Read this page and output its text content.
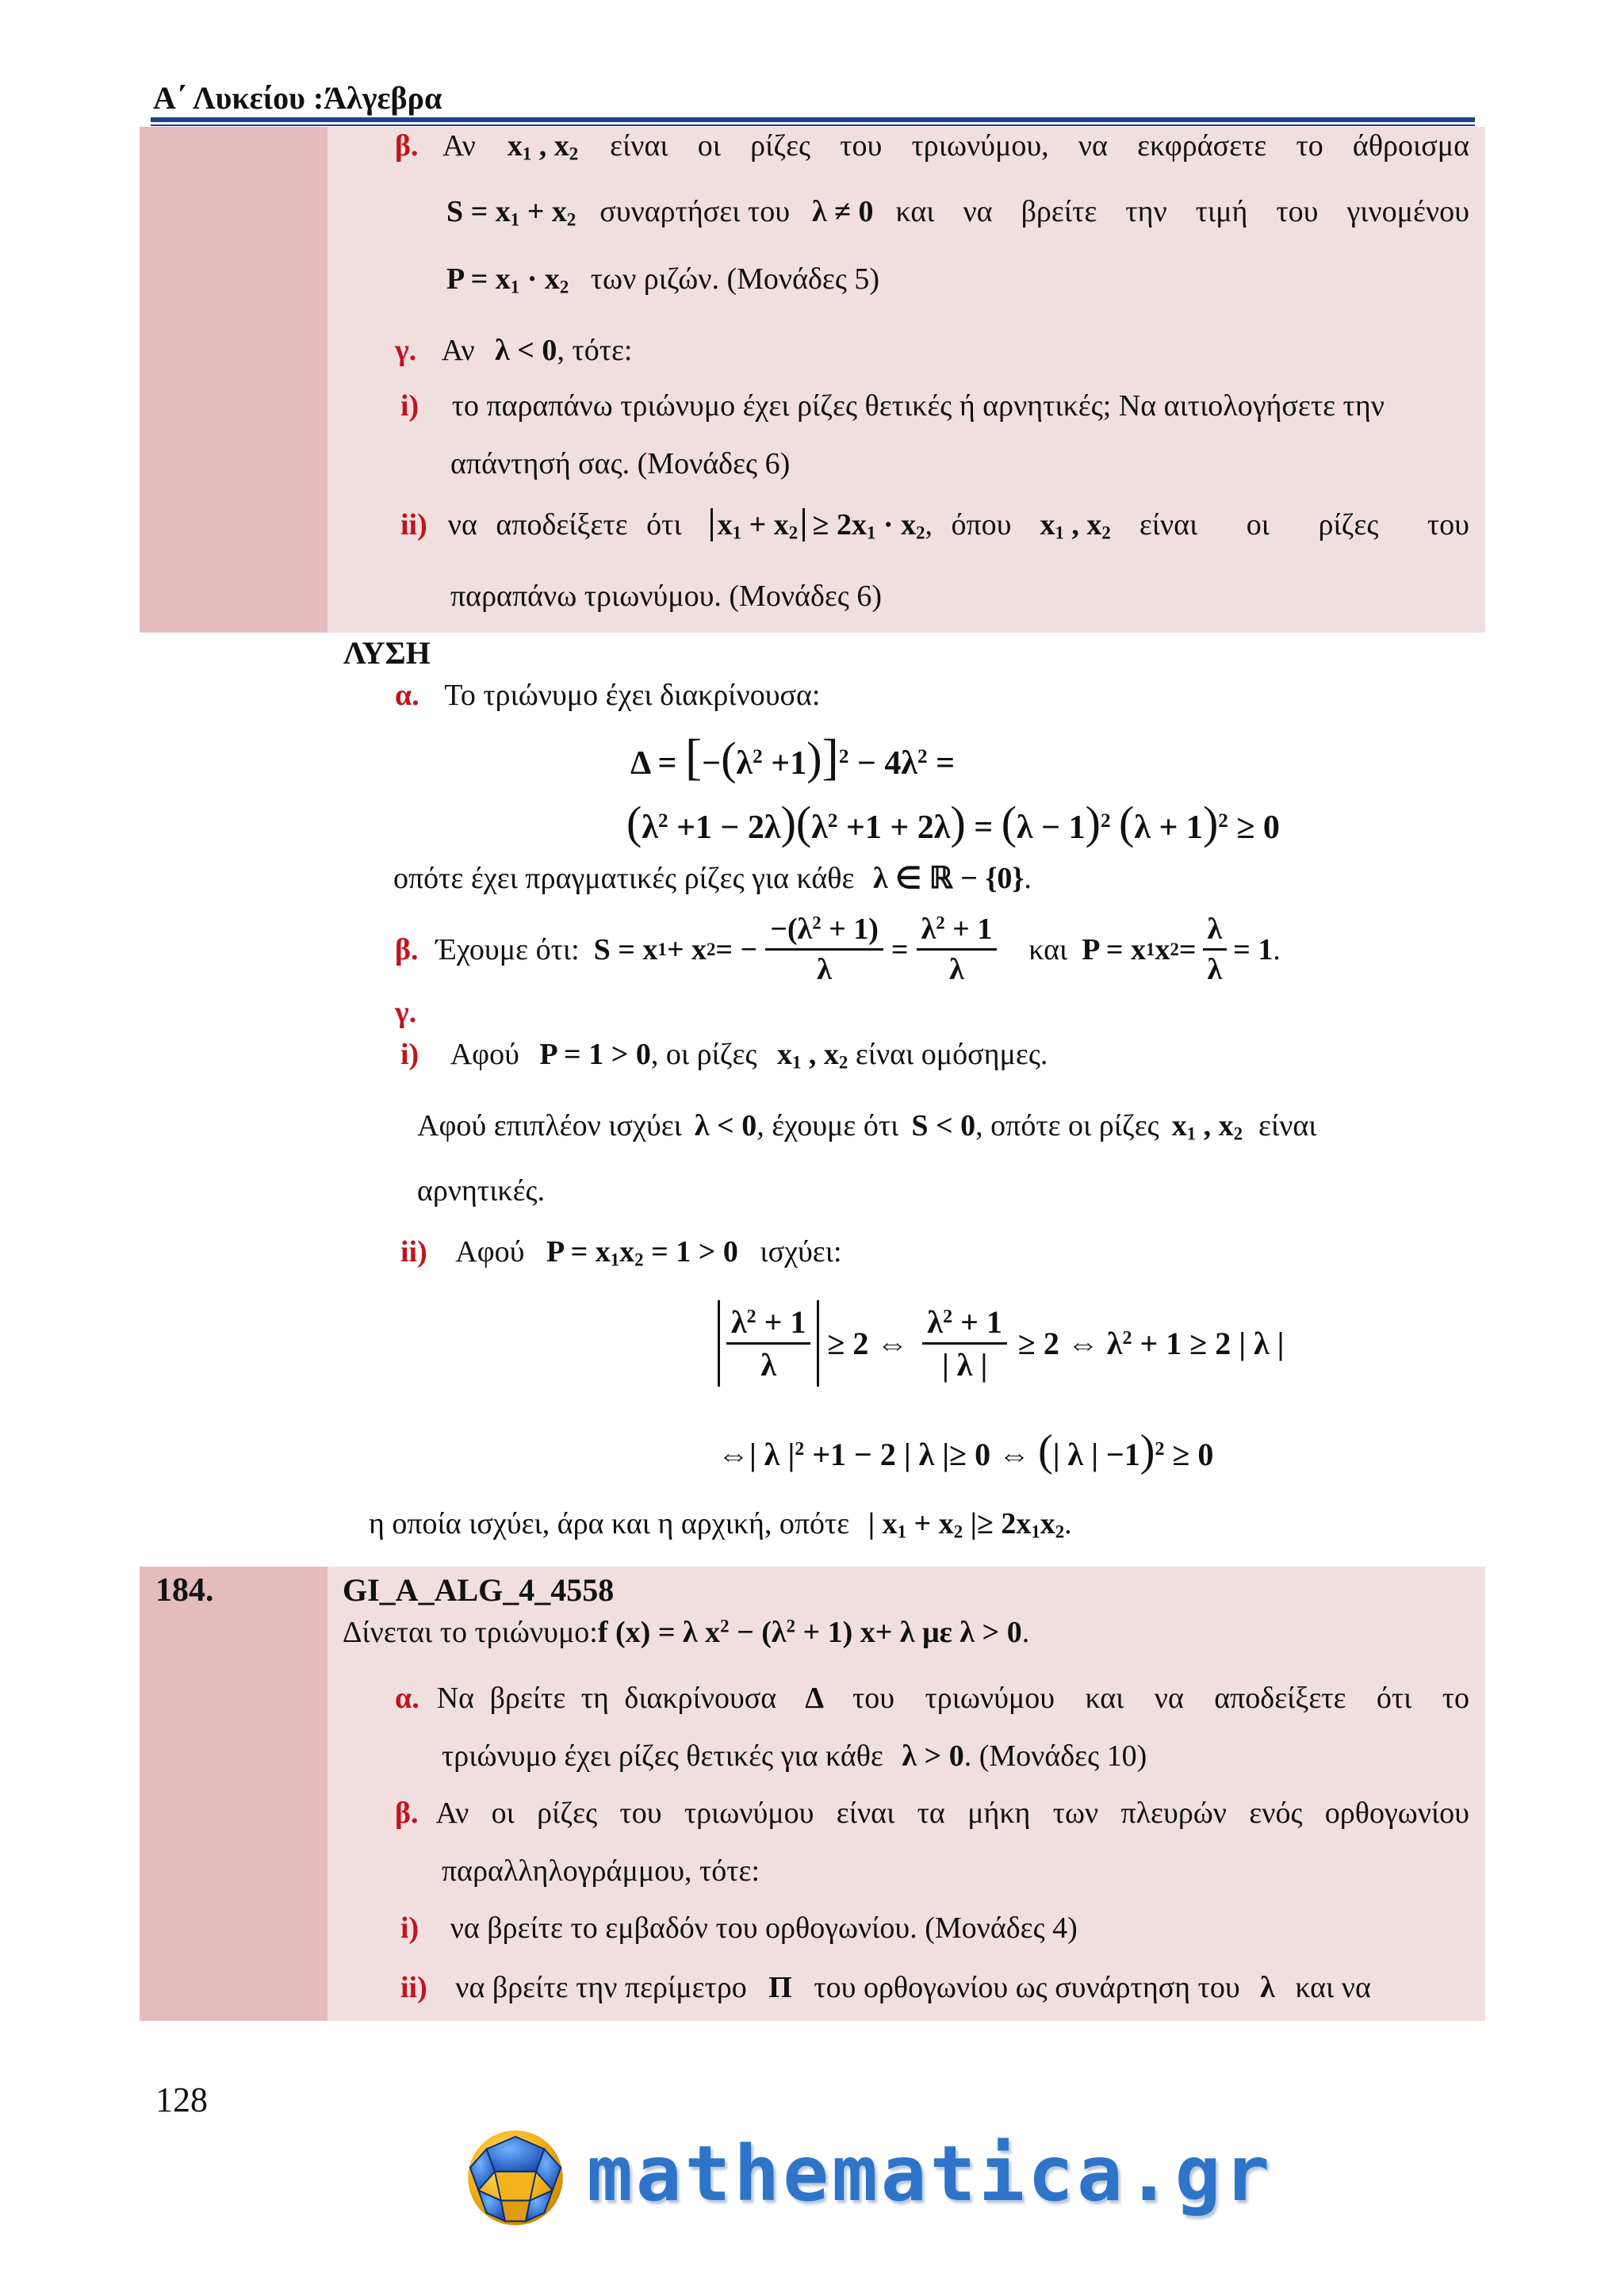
Α΄ Λυκείου :Άλγεβρα
β. Αν $x_1$ , $x_2$ είναι οι ρίζες του τριωνύμου, να εκφράσετε το άθροισμα
$S = x_1 + x_2$ συναρτήσει του λ ≠ 0 και να βρείτε την τιμή του γινομένου
$P = x_1 \cdot x_2$ των ριζών. (Μονάδες 5)
γ. Αν λ < 0, τότε:
i) το παραπάνω τριώνυμο έχει ρίζες θετικές ή αρνητικές; Να αιτιολογήσετε την
απάντησή σας. (Μονάδες 6)
ii) να αποδείξετε ότι $x_1 + x_2 \ge 2x_1 \cdot x_2$ , όπου $x_1$ , $x_2$ είναι οι ρίζες του
παραπάνω τριωνύμου. (Μονάδες 6)
ΛΥΣΗ
α. Το τριώνυμο έχει διακρίνουσα:
$\Delta = [-(\lambda^2 +1)]^2 - 4\lambda^2$ =
$(\lambda^2 +1 - 2\lambda)(\lambda^2 +1 + 2\lambda) = (\lambda - 1)^2$ $(\lambda + 1)^2 \ge 0$
οπότε έχει πραγματικές ρίζες για κάθε λ ∈ ℝ − {0}.
β. Έχουμε ότι: S = x 1 + x 2 = − $\frac{-(\lambda^2 + 1)}{\lambda} = \frac{\lambda^2 + 1}{\lambda}$ και P = x 1 x $2 = \frac{\lambda}{\lambda} = 1$ .
γ.
i) Αφού P = 1 > 0, οι ρίζες $x_1$ , $x_2$ είναι ομόσημες.
Αφού επιπλέον ισχύει λ < 0 , έχουμε ότι S < 0 , οπότε οι ρίζες $x_1$ , $x_2$ είναι
αρνητικές.
ii) Αφού $P = x_1x_2 = 1 > 0$ ισχύει:
$\frac{\lambda^2 + 1}{\lambda} \ge 2$ ⇔ $\frac{\lambda^2 + 1}{| \lambda |} \ge 2$ ⇔ $\lambda^2 + 1 \ge 2$ | λ |
⇔| λ $|^2 +1 - 2$ | λ |≥ 0 ⇔ (| λ | −1)$^2$ ≥ 0
η οποία ισχύει, άρα και η αρχική, οπότε | $x_1 + x_2$ |≥ $2x_1x_2$.
184.	GI_A_ALG_4_4558
Δίνεται το τριώνυμο:f (x) = λ $x^2 - (\lambda^2 + 1)$ x+ λ με λ > 0.
α. Να βρείτε τη διακρίνουσα Δ του τριωνύμου και να αποδείξετε ότι το
τριώνυμο έχει ρίζες θετικές για κάθε λ > 0. (Μονάδες 10)
β. Αν οι ρίζες του τριωνύμου είναι τα μήκη των πλευρών ενός ορθογωνίου
παραλληλογράμμου, τότε:
i) να βρείτε το εμβαδόν του ορθογωνίου. (Μονάδες 4)
ii) να βρείτε την περίμετρο Π του ορθογωνίου ως συνάρτηση του λ και να
128
mathematica.gr
